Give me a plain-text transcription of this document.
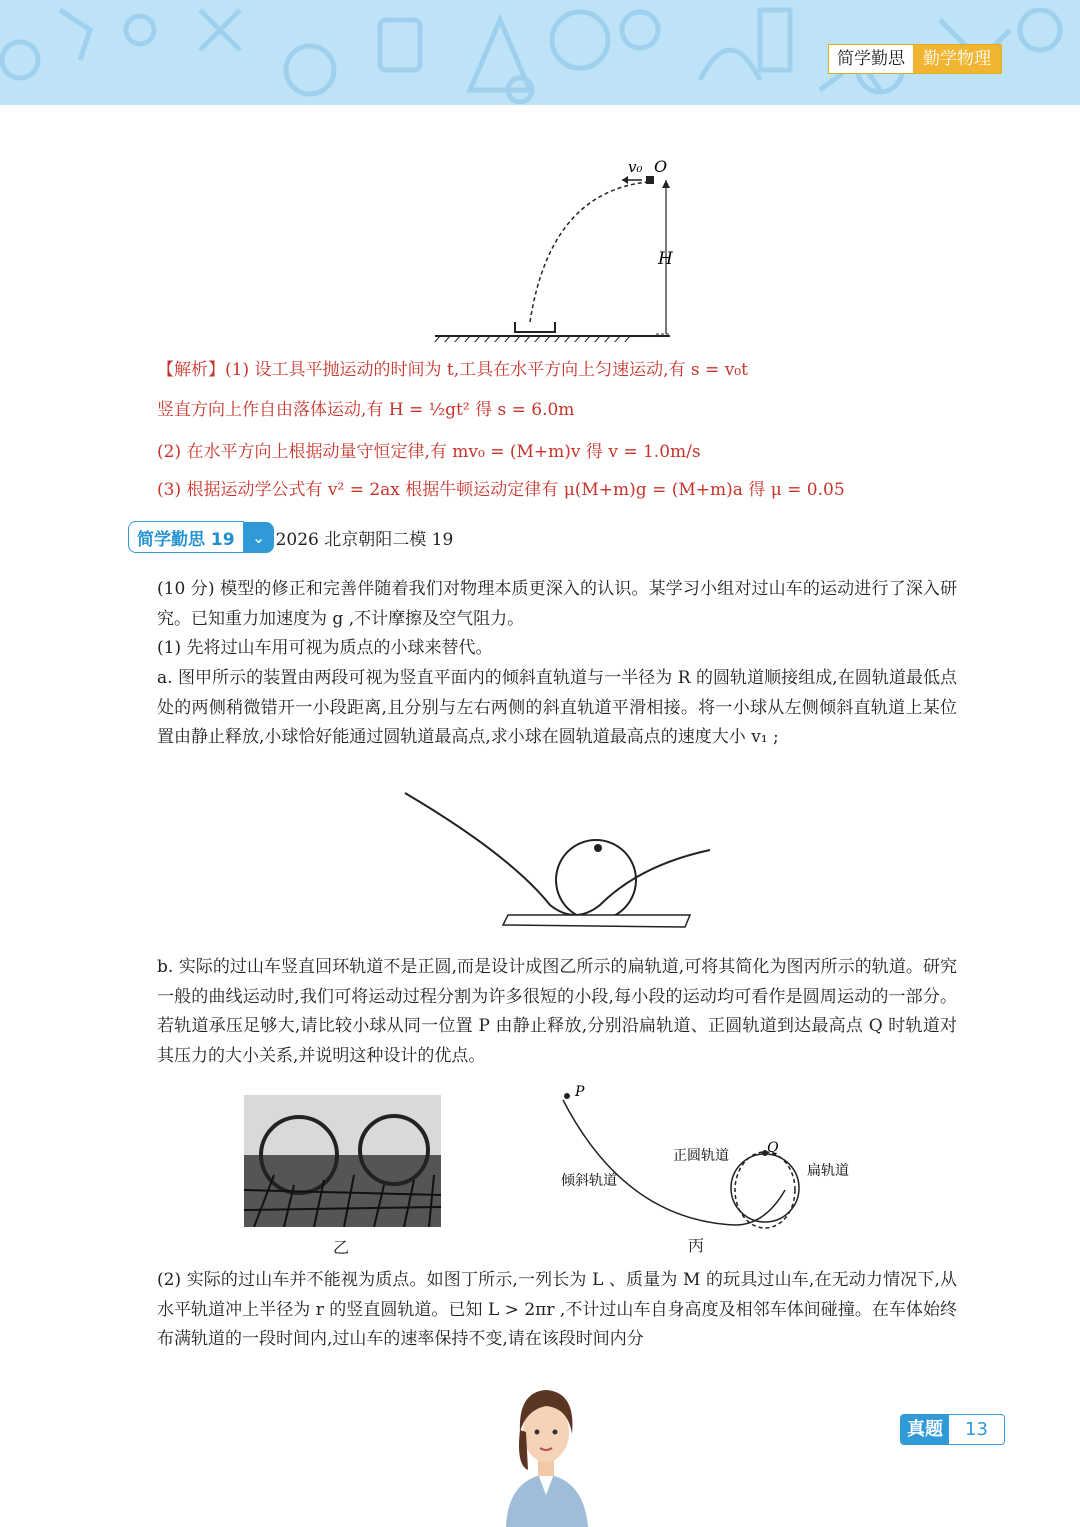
简学勤思	勤学物理
v₀ O
H
【解析】(1) 设工具平抛运动的时间为 t,工具在水平方向上匀速运动,有 s = v₀t
竖直方向上作自由落体运动,有 H = ½gt² 得 s = 6.0m
(2) 在水平方向上根据动量守恒定律,有 mv₀ = (M+m)v 得 v = 1.0m/s
(3) 根据运动学公式有 v² = 2ax 根据牛顿运动定律有 μ(M+m)g = (M+m)a 得 μ = 0.05
简学勤思 19	⌄ 2026 北京朝阳二模 19
(10 分) 模型的修正和完善伴随着我们对物理本质更深入的认识。某学习小组对过山车的运动进行了深入研究。已知重力加速度为 g ,不计摩擦及空气阻力。
(1) 先将过山车用可视为质点的小球来替代。
a. 图甲所示的装置由两段可视为竖直平面内的倾斜直轨道与一半径为 R 的圆轨道顺接组成,在圆轨道最低点处的两侧稍微错开一小段距离,且分别与左右两侧的斜直轨道平滑相接。将一小球从左侧倾斜直轨道上某位置由静止释放,小球恰好能通过圆轨道最高点,求小球在圆轨道最高点的速度大小 v₁ ;
b. 实际的过山车竖直回环轨道不是正圆,而是设计成图乙所示的扁轨道,可将其简化为图丙所示的轨道。研究一般的曲线运动时,我们可将运动过程分割为许多很短的小段,每小段的运动均可看作是圆周运动的一部分。若轨道承压足够大,请比较小球从同一位置 P 由静止释放,分别沿扁轨道、正圆轨道到达最高点 Q 时轨道对其压力的大小关系,并说明这种设计的优点。
乙
P
Q
正圆轨道
扁轨道
倾斜轨道
丙
(2) 实际的过山车并不能视为质点。如图丁所示,一列长为 L 、质量为 M 的玩具过山车,在无动力情况下,从水平轨道冲上半径为 r 的竖直圆轨道。已知 L > 2πr ,不计过山车自身高度及相邻车体间碰撞。在车体始终布满轨道的一段时间内,过山车的速率保持不变,请在该段时间内分
真题	13
